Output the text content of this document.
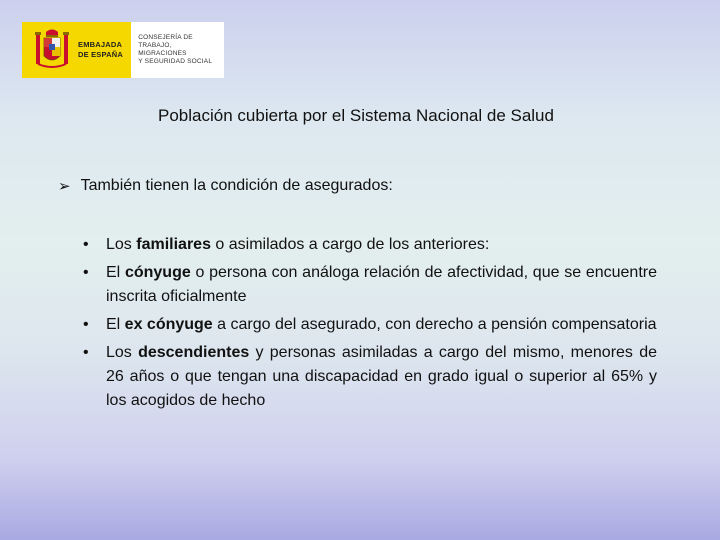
EMBAJADA
DE ESPAÑA
CONSEJERÍA DE TRABAJO,
MIGRACIONES
Y SEGURIDAD SOCIAL
Población cubierta por el Sistema Nacional de Salud
➢ También tienen la condición de asegurados:
• Los familiares o asimilados a cargo de los anteriores:
• El cónyuge o persona con análoga relación de afectividad, que se encuentre inscrita oficialmente
• El ex cónyuge a cargo del asegurado, con derecho a pensión compensatoria
• Los descendientes y personas asimiladas a cargo del mismo, menores de 26 años o que tengan una discapacidad en grado igual o superior al 65% y los acogidos de hecho
